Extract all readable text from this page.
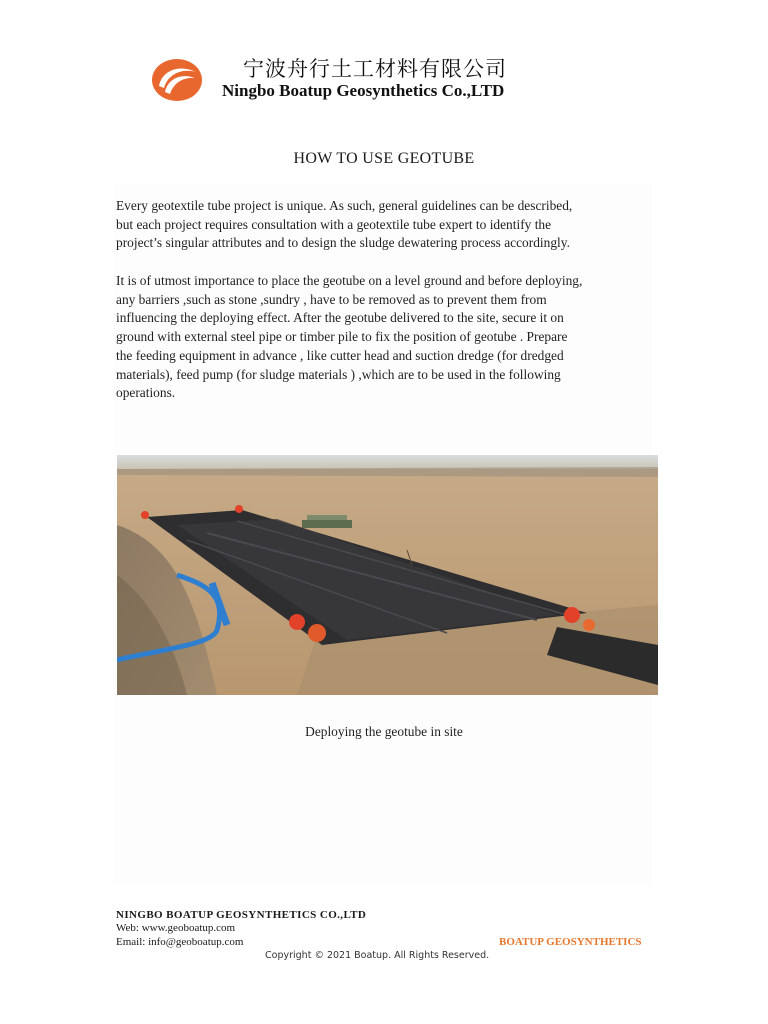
宁波舟行土工材料有限公司
Ningbo Boatup Geosynthetics Co.,LTD
HOW TO USE GEOTUBE

Every geotextile tube project is unique. As such, general guidelines can be described,
but each project requires consultation with a geotextile tube expert to identify the
project’s singular attributes and to design the sludge dewatering process accordingly.

It is of utmost importance to place the geotube on a level ground and before deploying,
any barriers ,such as stone ,sundry , have to be removed as to prevent them from
influencing the deploying effect. After the geotube delivered to the site, secure it on
ground with external steel pipe or timber pile to fix the position of geotube . Prepare
the feeding equipment in advance , like cutter head and suction dredge (for dredged
materials), feed pump (for sludge materials ) ,which are to be used in the following
operations.

Deploying the geotube in site
NINGBO BOATUP GEOSYNTHETICS CO.,LTD
Web: www.geoboatup.com
Email: info@geoboatup.com	BOATUP GEOSYNTHETICS
Copyright © 2021 Boatup. All Rights Reserved.
